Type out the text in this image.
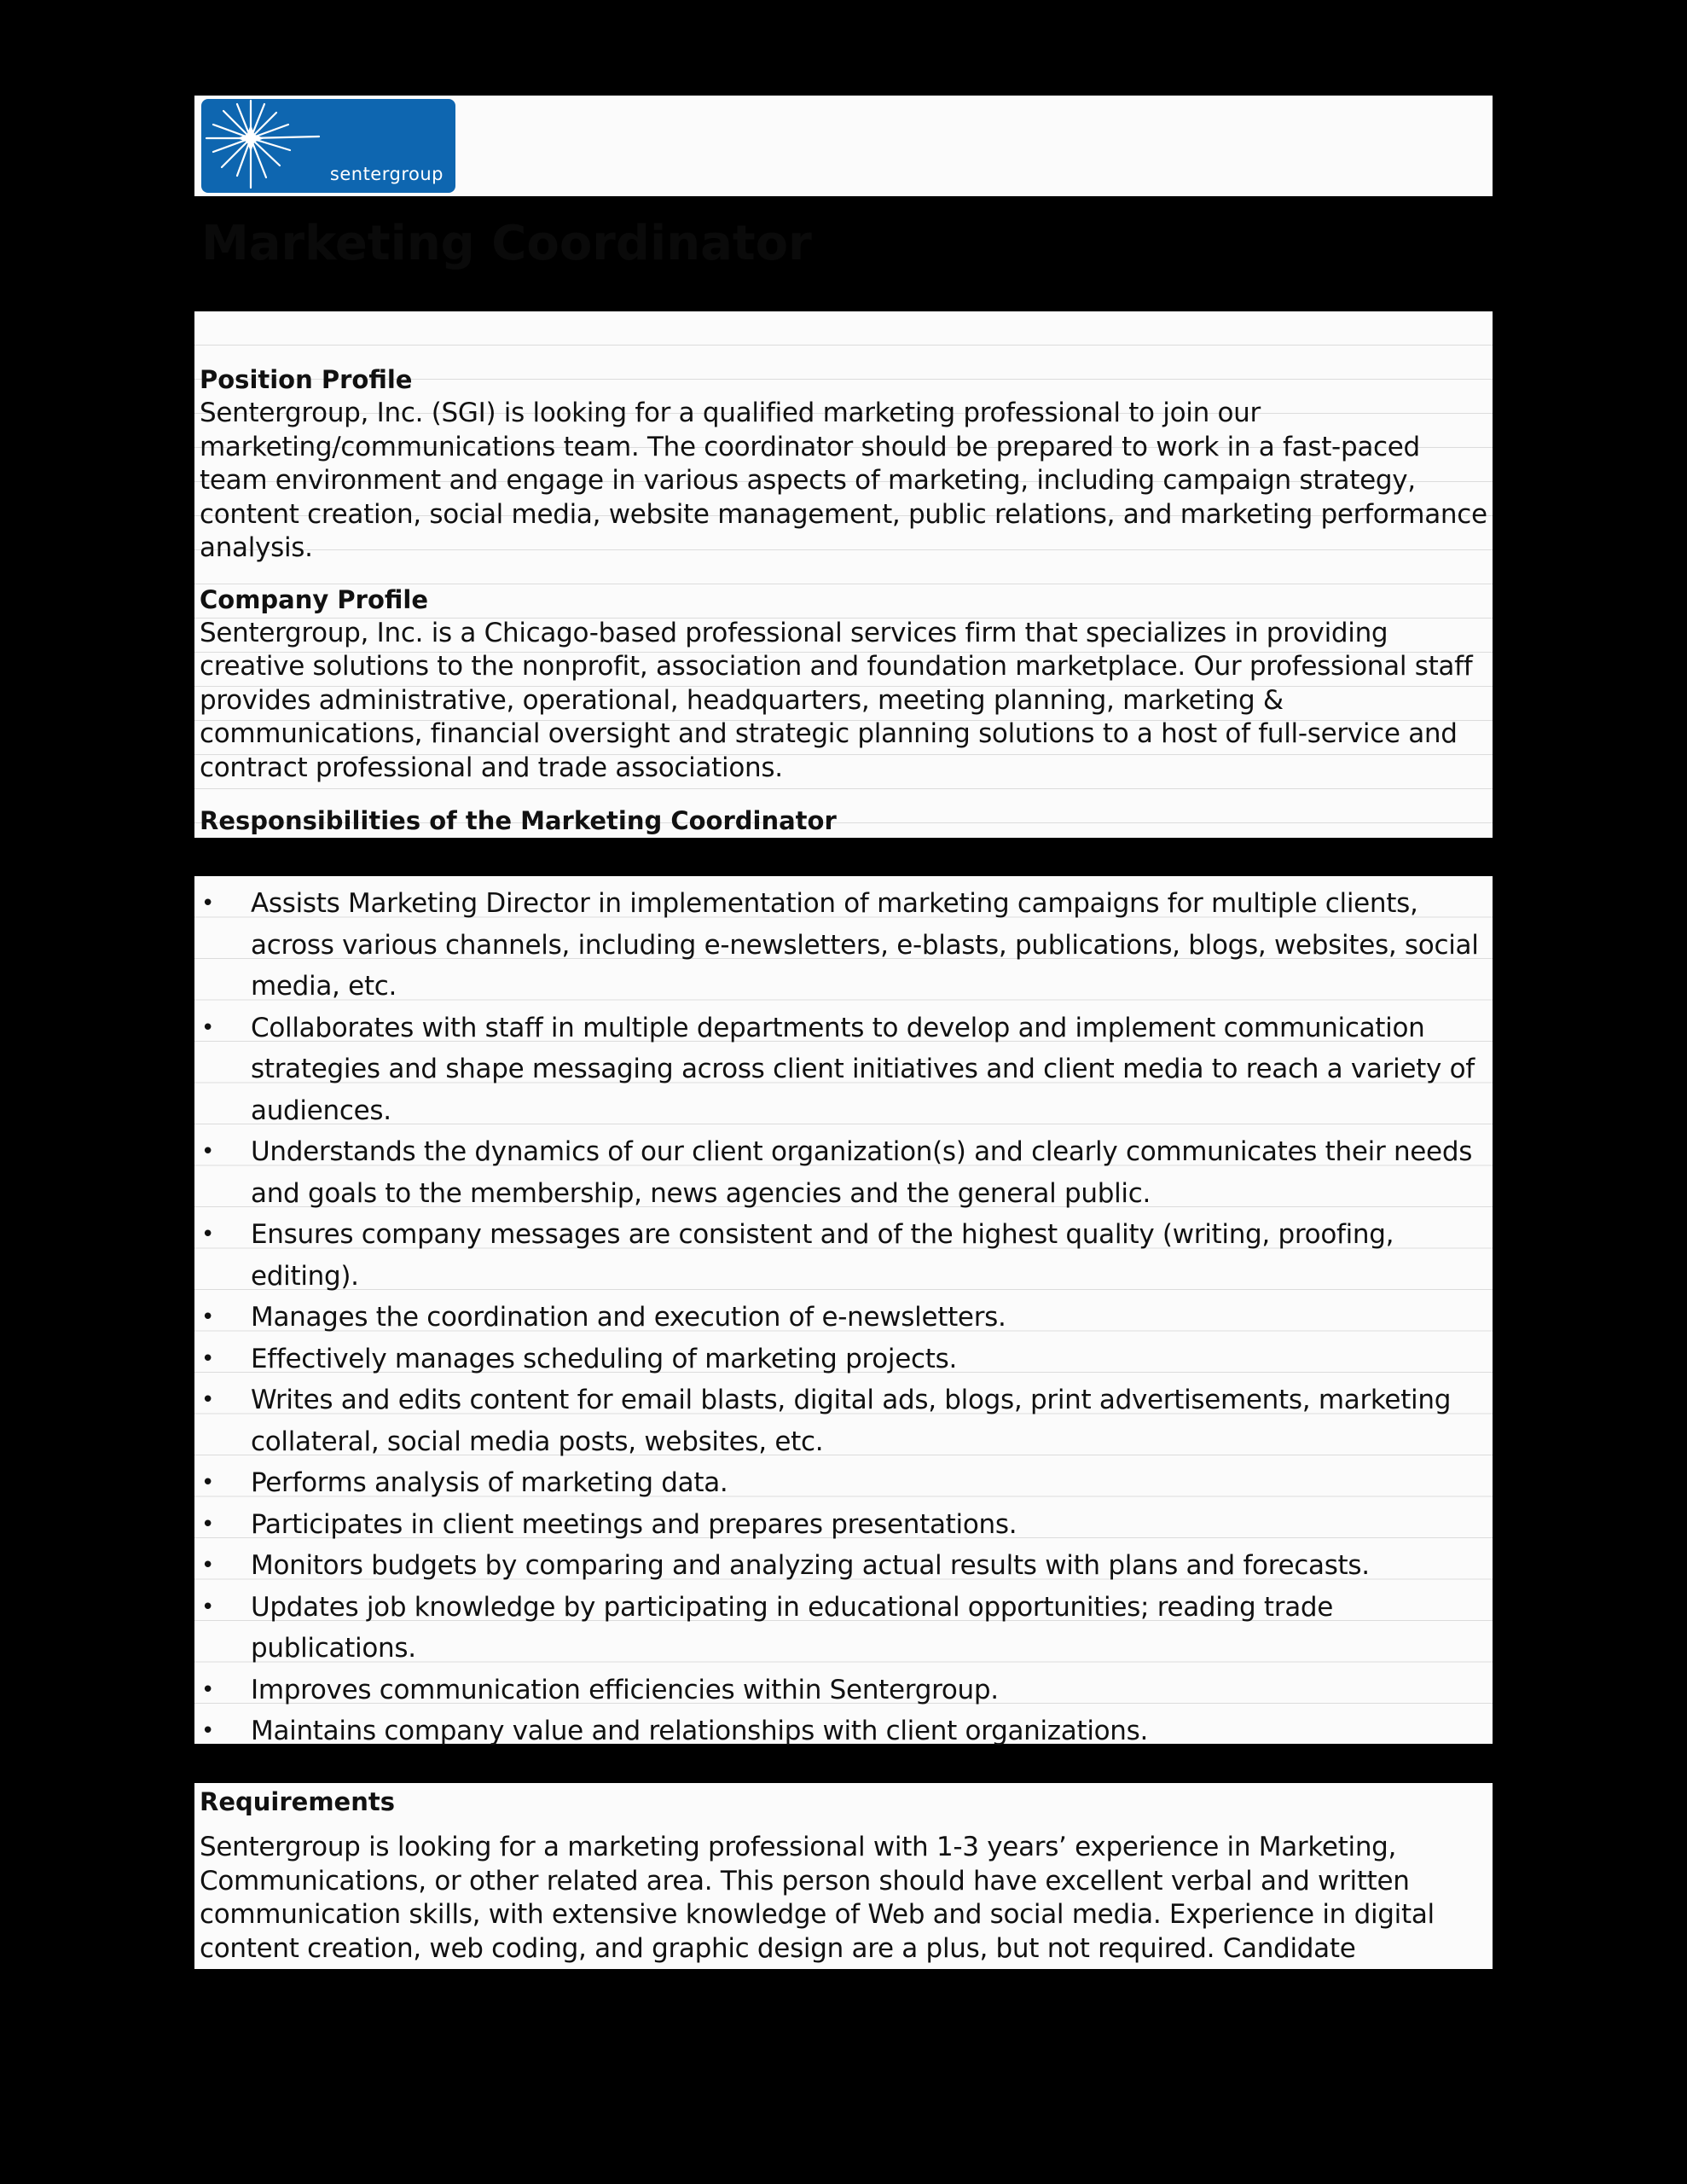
sentergroup
Marketing Coordinator

Position Profile

Sentergroup, Inc. (SGI) is looking for a qualified marketing professional to join our marketing/communications team. The coordinator should be prepared to work in a fast-paced team environment and engage in various aspects of marketing, including campaign strategy, content creation, social media, website management, public relations, and marketing performance analysis.

Company Profile

Sentergroup, Inc. is a Chicago-based professional services firm that specializes in providing creative solutions to the nonprofit, association and foundation marketplace. Our professional staff provides administrative, operational, headquarters, meeting planning, marketing & communications, financial oversight and strategic planning solutions to a host of full-service and contract professional and trade associations.

Responsibilities of the Marketing Coordinator

• Assists Marketing Director in implementation of marketing campaigns for multiple clients, across various channels, including e-newsletters, e-blasts, publications, blogs, websites, social media, etc.
• Collaborates with staff in multiple departments to develop and implement communication strategies and shape messaging across client initiatives and client media to reach a variety of audiences.
• Understands the dynamics of our client organization(s) and clearly communicates their needs and goals to the membership, news agencies and the general public.
• Ensures company messages are consistent and of the highest quality (writing, proofing, editing).
• Manages the coordination and execution of e-newsletters.
• Effectively manages scheduling of marketing projects.
• Writes and edits content for email blasts, digital ads, blogs, print advertisements, marketing collateral, social media posts, websites, etc.
• Performs analysis of marketing data.
• Participates in client meetings and prepares presentations.
• Monitors budgets by comparing and analyzing actual results with plans and forecasts.
• Updates job knowledge by participating in educational opportunities; reading trade publications.
• Improves communication efficiencies within Sentergroup.
• Maintains company value and relationships with client organizations.

Requirements

Sentergroup is looking for a marketing professional with 1-3 years’ experience in Marketing, Communications, or other related area. This person should have excellent verbal and written communication skills, with extensive knowledge of Web and social media. Experience in digital content creation, web coding, and graphic design are a plus, but not required. Candidate
